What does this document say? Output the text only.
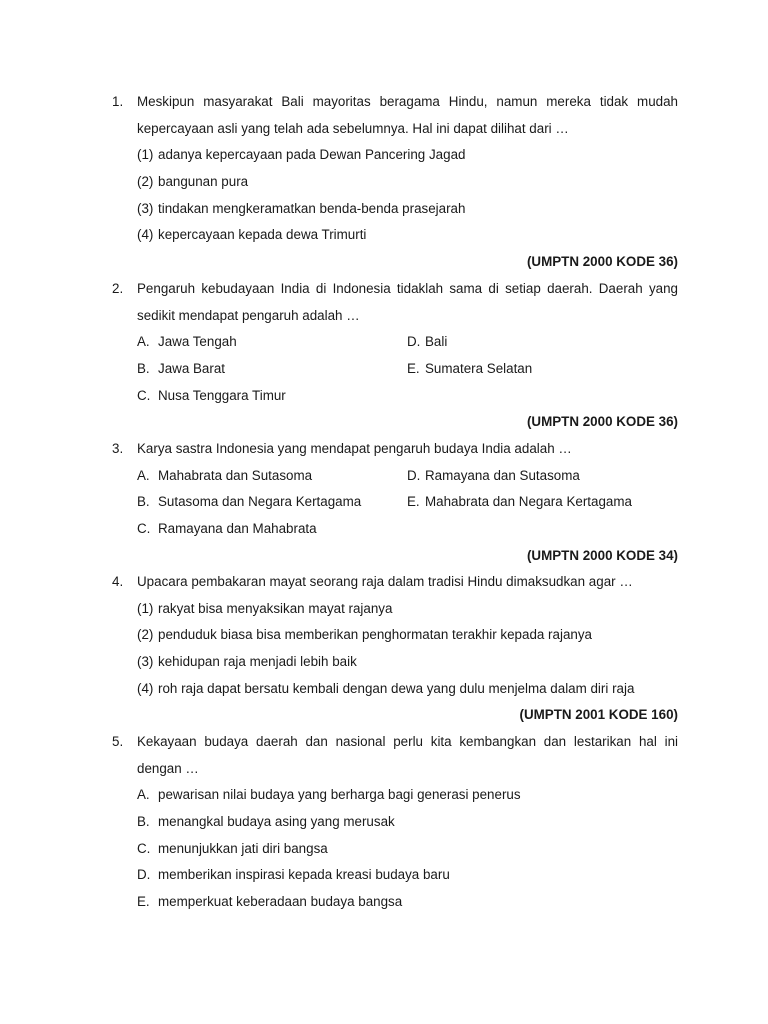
1. Meskipun masyarakat Bali mayoritas beragama Hindu, namun mereka tidak mudah
kepercayaan asli yang telah ada sebelumnya. Hal ini dapat dilihat dari …
(1) adanya kepercayaan pada Dewan Pancering Jagad
(2) bangunan pura
(3) tindakan mengkeramatkan benda-benda prasejarah
(4) kepercayaan kepada dewa Trimurti
(UMPTN 2000 KODE 36)
2. Pengaruh kebudayaan India di Indonesia tidaklah sama di setiap daerah. Daerah yang
sedikit mendapat pengaruh adalah …
A. Jawa Tengah	D. Bali
B. Jawa Barat	E. Sumatera Selatan
C. Nusa Tenggara Timur
(UMPTN 2000 KODE 36)
3. Karya sastra Indonesia yang mendapat pengaruh budaya India adalah …
A. Mahabrata dan Sutasoma	D. Ramayana dan Sutasoma
B. Sutasoma dan Negara Kertagama	E. Mahabrata dan Negara Kertagama
C. Ramayana dan Mahabrata
(UMPTN 2000 KODE 34)
4. Upacara pembakaran mayat seorang raja dalam tradisi Hindu dimaksudkan agar …
(1) rakyat bisa menyaksikan mayat rajanya
(2) penduduk biasa bisa memberikan penghormatan terakhir kepada rajanya
(3) kehidupan raja menjadi lebih baik
(4) roh raja dapat bersatu kembali dengan dewa yang dulu menjelma dalam diri raja
(UMPTN 2001 KODE 160)
5. Kekayaan budaya daerah dan nasional perlu kita kembangkan dan lestarikan hal ini
dengan …
A. pewarisan nilai budaya yang berharga bagi generasi penerus
B. menangkal budaya asing yang merusak
C. menunjukkan jati diri bangsa
D. memberikan inspirasi kepada kreasi budaya baru
E. memperkuat keberadaan budaya bangsa
